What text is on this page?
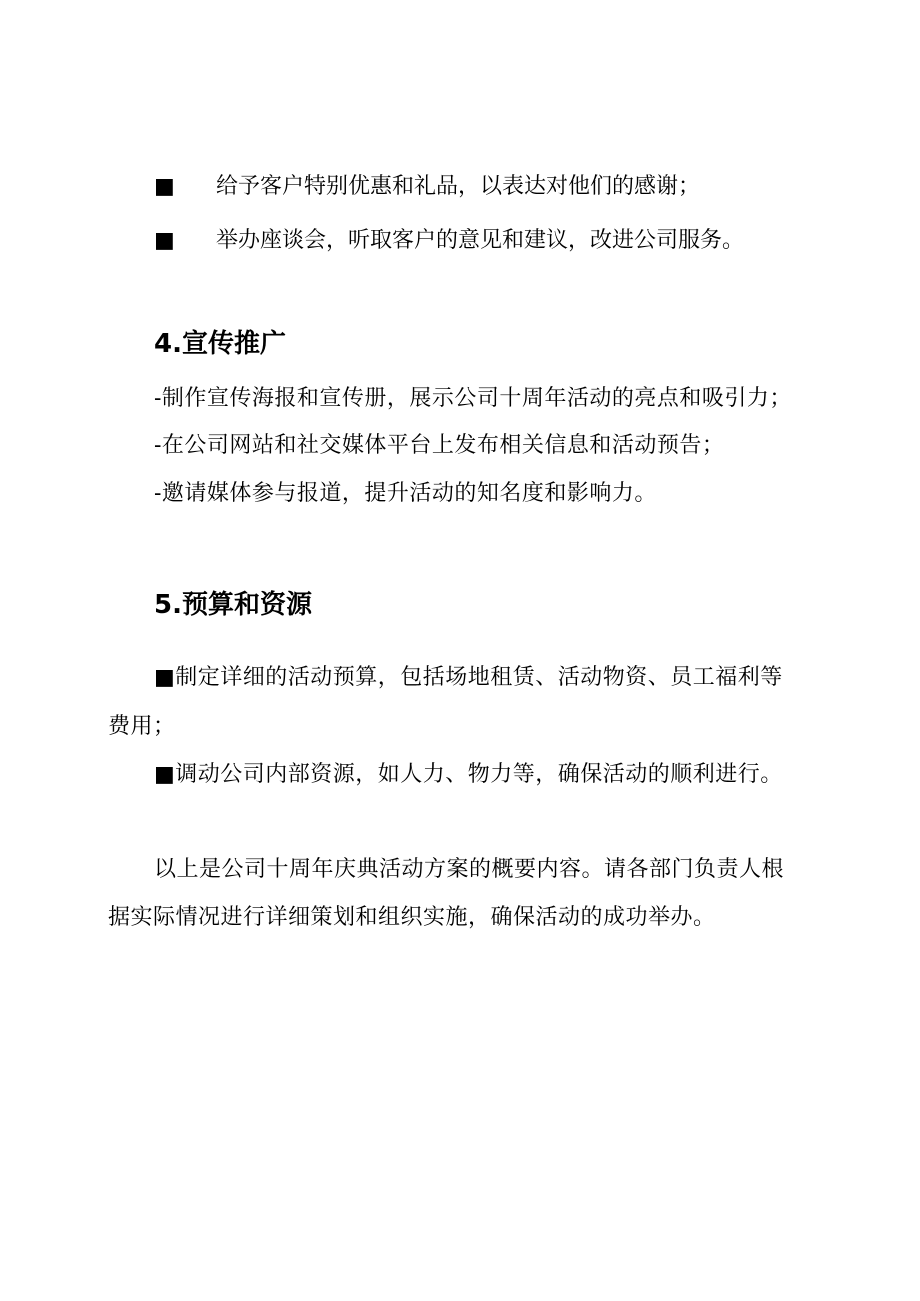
■ 给予客户特别优惠和礼品，以表达对他们的感谢；
■ 举办座谈会，听取客户的意见和建议，改进公司服务。
4.宣传推广
-制作宣传海报和宣传册，展示公司十周年活动的亮点和吸引力；
-在公司网站和社交媒体平台上发布相关信息和活动预告；
-邀请媒体参与报道，提升活动的知名度和影响力。
5.预算和资源
■制定详细的活动预算，包括场地租赁、活动物资、员工福利等
费用；
■调动公司内部资源，如人力、物力等，确保活动的顺利进行。
以上是公司十周年庆典活动方案的概要内容。请各部门负责人根
据实际情况进行详细策划和组织实施，确保活动的成功举办。
